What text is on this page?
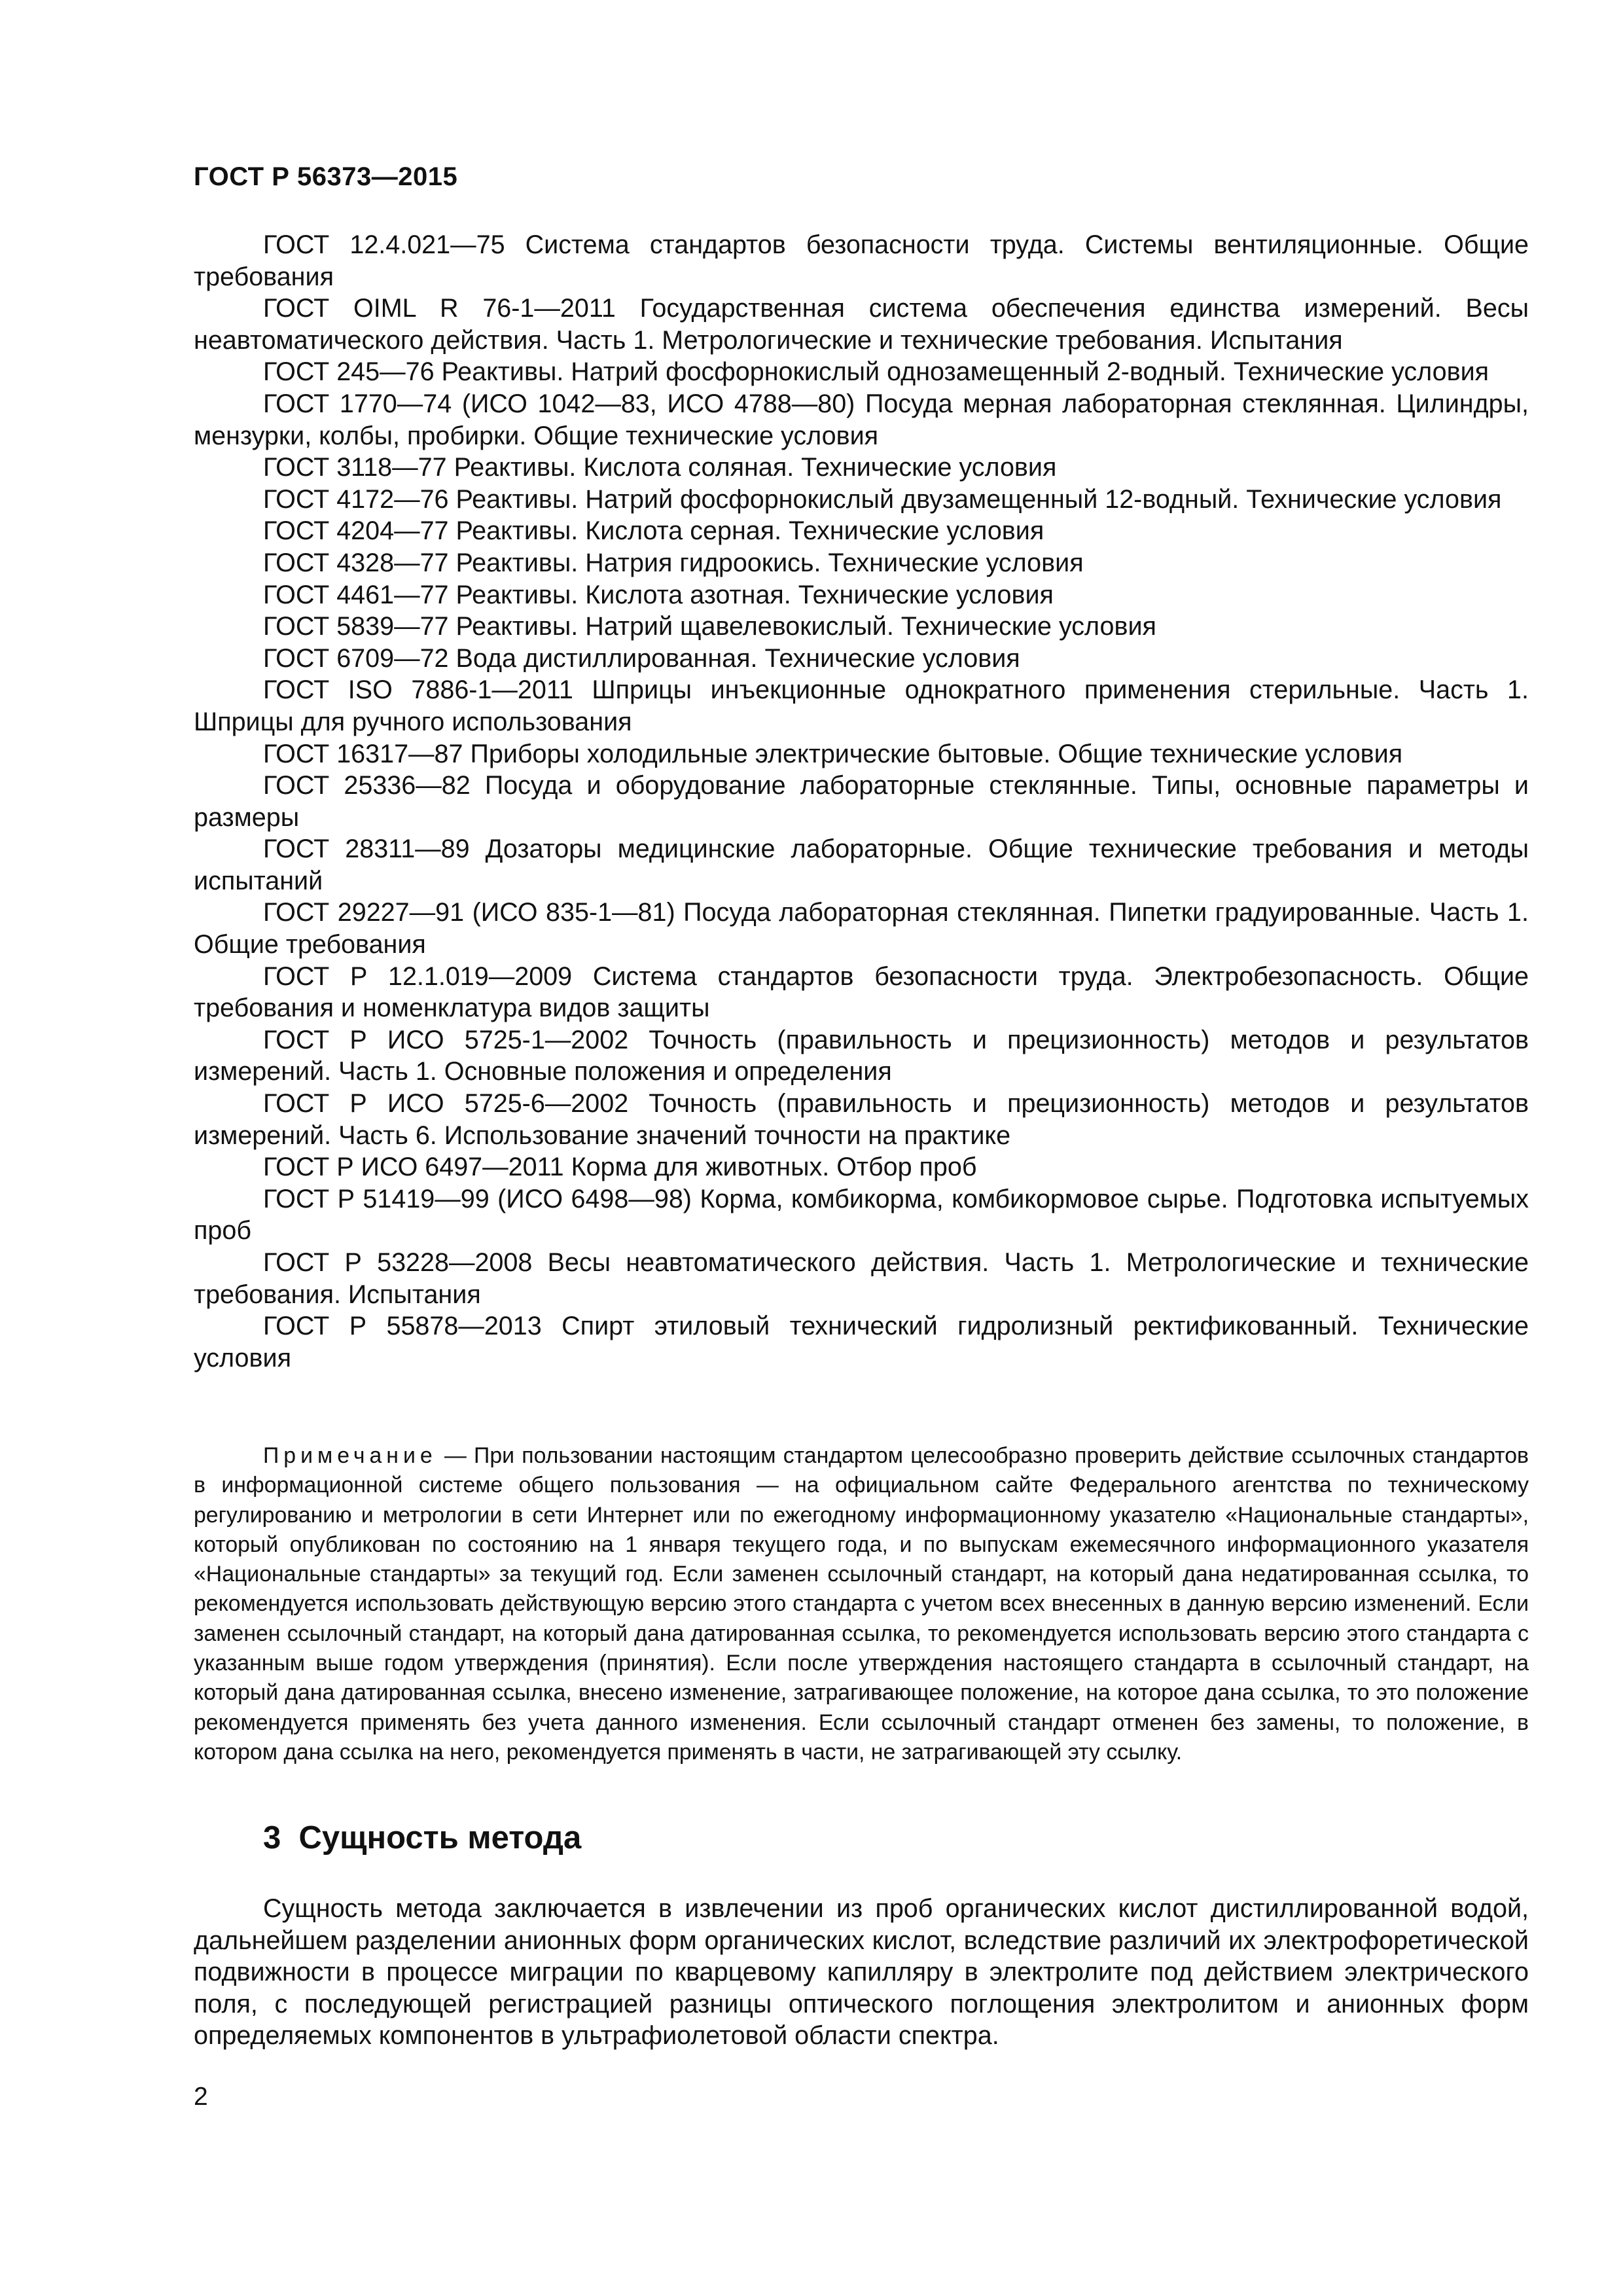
ГОСТ Р 56373—2015

ГОСТ 12.4.021—75 Система стандартов безопасности труда. Системы вентиляционные. Общие требования

ГОСТ OIML R 76-1—2011 Государственная система обеспечения единства измерений. Весы неавтоматического действия. Часть 1. Метрологические и технические требования. Испытания

ГОСТ 245—76 Реактивы. Натрий фосфорнокислый однозамещенный 2-водный. Технические условия

ГОСТ 1770—74 (ИСО 1042—83, ИСО 4788—80) Посуда мерная лабораторная стеклянная. Цилиндры, мензурки, колбы, пробирки. Общие технические условия

ГОСТ 3118—77 Реактивы. Кислота соляная. Технические условия

ГОСТ 4172—76 Реактивы. Натрий фосфорнокислый двузамещенный 12-водный. Технические условия

ГОСТ 4204—77 Реактивы. Кислота серная. Технические условия

ГОСТ 4328—77 Реактивы. Натрия гидроокись. Технические условия

ГОСТ 4461—77 Реактивы. Кислота азотная. Технические условия

ГОСТ 5839—77 Реактивы. Натрий щавелевокислый. Технические условия

ГОСТ 6709—72 Вода дистиллированная. Технические условия

ГОСТ ISO 7886-1—2011 Шприцы инъекционные однократного применения стерильные. Часть 1. Шприцы для ручного использования

ГОСТ 16317—87 Приборы холодильные электрические бытовые. Общие технические условия

ГОСТ 25336—82 Посуда и оборудование лабораторные стеклянные. Типы, основные параметры и размеры

ГОСТ 28311—89 Дозаторы медицинские лабораторные. Общие технические требования и методы испытаний

ГОСТ 29227—91 (ИСО 835-1—81) Посуда лабораторная стеклянная. Пипетки градуированные. Часть 1. Общие требования

ГОСТ Р 12.1.019—2009 Система стандартов безопасности труда. Электробезопасность. Общие требования и номенклатура видов защиты

ГОСТ Р ИСО 5725-1—2002 Точность (правильность и прецизионность) методов и результатов измерений. Часть 1. Основные положения и определения

ГОСТ Р ИСО 5725-6—2002 Точность (правильность и прецизионность) методов и результатов измерений. Часть 6. Использование значений точности на практике

ГОСТ Р ИСО 6497—2011 Корма для животных. Отбор проб

ГОСТ Р 51419—99 (ИСО 6498—98) Корма, комбикорма, комбикормовое сырье. Подготовка испытуемых проб

ГОСТ Р 53228—2008 Весы неавтоматического действия. Часть 1. Метрологические и технические требования. Испытания

ГОСТ Р 55878—2013 Спирт этиловый технический гидролизный ректификованный. Технические условия

Примечание — При пользовании настоящим стандартом целесообразно проверить действие ссылочных стандартов в информационной системе общего пользования — на официальном сайте Федерального агентства по техническому регулированию и метрологии в сети Интернет или по ежегодному информационному указателю «Национальные стандарты», который опубликован по состоянию на 1 января текущего года, и по выпускам ежемесячного информационного указателя «Национальные стандарты» за текущий год. Если заменен ссылочный стандарт, на который дана недатированная ссылка, то рекомендуется использовать действующую версию этого стандарта с учетом всех внесенных в данную версию изменений. Если заменен ссылочный стандарт, на который дана датированная ссылка, то рекомендуется использовать версию этого стандарта с указанным выше годом утверждения (принятия). Если после утверждения настоящего стандарта в ссылочный стандарт, на который дана датированная ссылка, внесено изменение, затрагивающее положение, на которое дана ссылка, то это положение рекомендуется применять без учета данного изменения. Если ссылочный стандарт отменен без замены, то положение, в котором дана ссылка на него, рекомендуется применять в части, не затрагивающей эту ссылку.

3 Сущность метода

Сущность метода заключается в извлечении из проб органических кислот дистиллированной водой, дальнейшем разделении анионных форм органических кислот, вследствие различий их электрофоретической подвижности в процессе миграции по кварцевому капилляру в электролите под действием электрического поля, с последующей регистрацией разницы оптического поглощения электролитом и анионных форм определяемых компонентов в ультрафиолетовой области спектра.

2
